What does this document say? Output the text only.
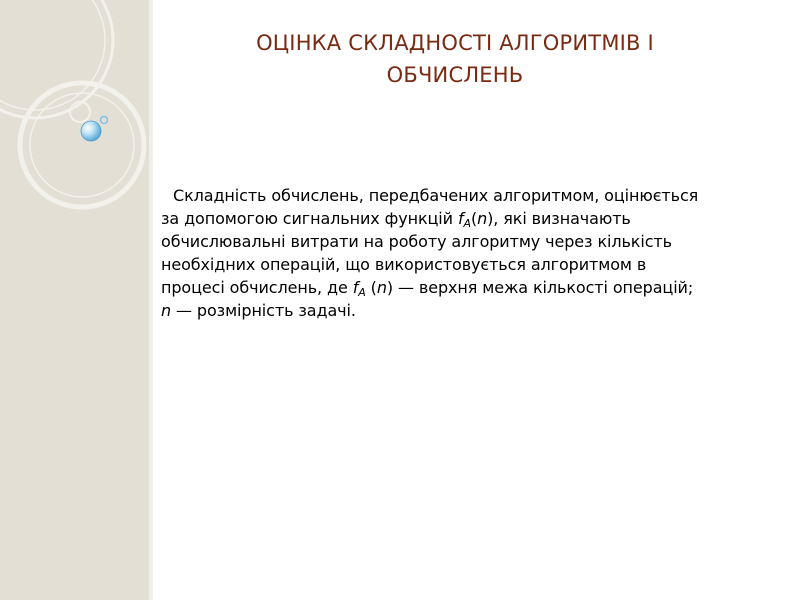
ОЦІНКА СКЛАДНОСТІ АЛГОРИТМІВ І
ОБЧИСЛЕНЬ

Складність обчислень, передбачених алгоритмом, оцінюється
за допомогою сигнальних функцій $f_A(n)$, які визначають
обчислювальні витрати на роботу алгоритму через кількість
необхідних операцій, що використовується алгоритмом в
процесі обчислень, де $f_A$ (n) — верхня межа кількості операцій;
n — розмірність задачі.
